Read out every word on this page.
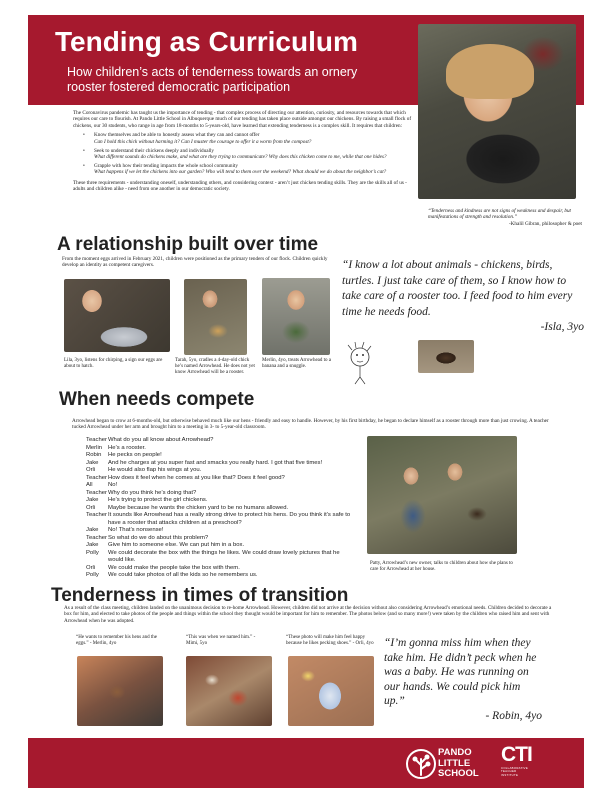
Tending as Curriculum
How children’s acts of tenderness towards an ornery rooster fostered democratic participation

The Coronavirus pandemic has taught us the importance of tending - that complex process of directing our attention, curiosity, and resources towards that which requires our care to flourish. At Pando Little School in Albuquerque much of our tending has taken place outside amongst our chickens. By raising a small flock of chickens, our 30 students, who range in age from 18-months to 5-years-old, have learned that extending tenderness is a complex skill. It requires that children:

• Know themselves and be able to honestly assess what they can and cannot offer
Can I hold this chick without harming it? Can I muster the courage to offer it a worm from the compost?
• Seek to understand their chickens deeply and individually
What different sounds do chickens make, and what are they trying to communicate? Why does this chicken come to me, while that one hides?
• Grapple with how their tending impacts the whole school community
What happens if we let the chickens into our garden? Who will tend to them over the weekend? What should we do about the neighbor’s cat?

These three requirements - understanding oneself, understanding others, and considering context - aren’t just chicken tending skills. They are the skills all of us - adults and children alike - need from one another in our democratic society.

“Tenderness and kindness are not signs of weakness and despair, but manifestations of strength and resolution.”
-Khalil Gibran, philosopher & poet
A relationship built over time

From the moment eggs arrived in February 2021, children were positioned as the primary tenders of our flock. Children quickly develop an identity as competent caregivers.

Lila, 3yo, listens for chirping, a sign our eggs are about to hatch.

Tarah, 5yo, cradles a 4-day-old chick he’s named Arrowhead. He does not yet know Arrowhead will be a rooster.

Merlin, 4yo, treats Arrowhead to a banana and a snuggle.

“I know a lot about animals - chickens, birds, turtles. I just take care of them, so I know how to take care of a rooster too. I feed food to him every time he needs food.
-Isla, 3yo
When needs compete

Arrowhead began to crow at 6-months-old, but otherwise behaved much like our hens - friendly and easy to handle. However, by his first birthday, he began to declare himself as a rooster through more than just crowing. A teacher tucked Arrowhead under her arm and brought him to a meeting in 3- to 5-year-old classroom.

Teacher What do you all know about Arrowhead?
Merlin	He’s a rooster.
Robin	He pecks on people!
Jake	And he charges at you super fast and smacks you really hard. I got that five times!
Orli	He would also flap his wings at you.
Teacher How does it feel when he comes at you like that? Does it feel good?
All	No!
Teacher Why do you think he’s doing that?
Jake	He’s trying to protect the girl chickens.
Orli	Maybe because he wants the chicken yard to be no humans allowed.
Teacher It sounds like Arrowhead has a really strong drive to protect his hens. Do you think it’s safe to have a rooster that attacks children at a preschool?
Jake	No! That’s nonsense!
Teacher So what do we do about this problem?
Jake	Give him to someone else. We can put him in a box.
Polly	We could decorate the box with the things he likes. We could draw lovely pictures that he would like.
Orli	We could make the people take the box with them.
Polly	We could take photos of all the kids so he remembers us.

Patty, Arrowhead’s new owner, talks to children about how she plans to care for Arrowhead at her house.

Tenderness in times of transition

As a result of the class meeting, children landed on the unanimous decision to re-home Arrowhead. However, children did not arrive at the decision without also considering Arrowhead’s emotional needs. Children decided to decorate a box for him, and elected to take photos of the people and things within the school they thought would be important for him to remember. The photos below (and so many more!) were taken by the children who raised him and sent with Arrowhead when he was adopted.

“He wants to remember his hens and the eggs.” - Merlin, 4yo

“This was when we named him.” - Mimi, 5yo

“These photo will make him feel happy because he likes pecking shoes.” - Orli, 4yo “I’m gonna miss him when they take him. He didn’t peck when he was a baby. He was running on our hands. We could pick him up.”
- Robin, 4yo
PANDO
LITTLE
SCHOOL
CTI
COLLABORATIVE
TEACHER
INSTITUTE
